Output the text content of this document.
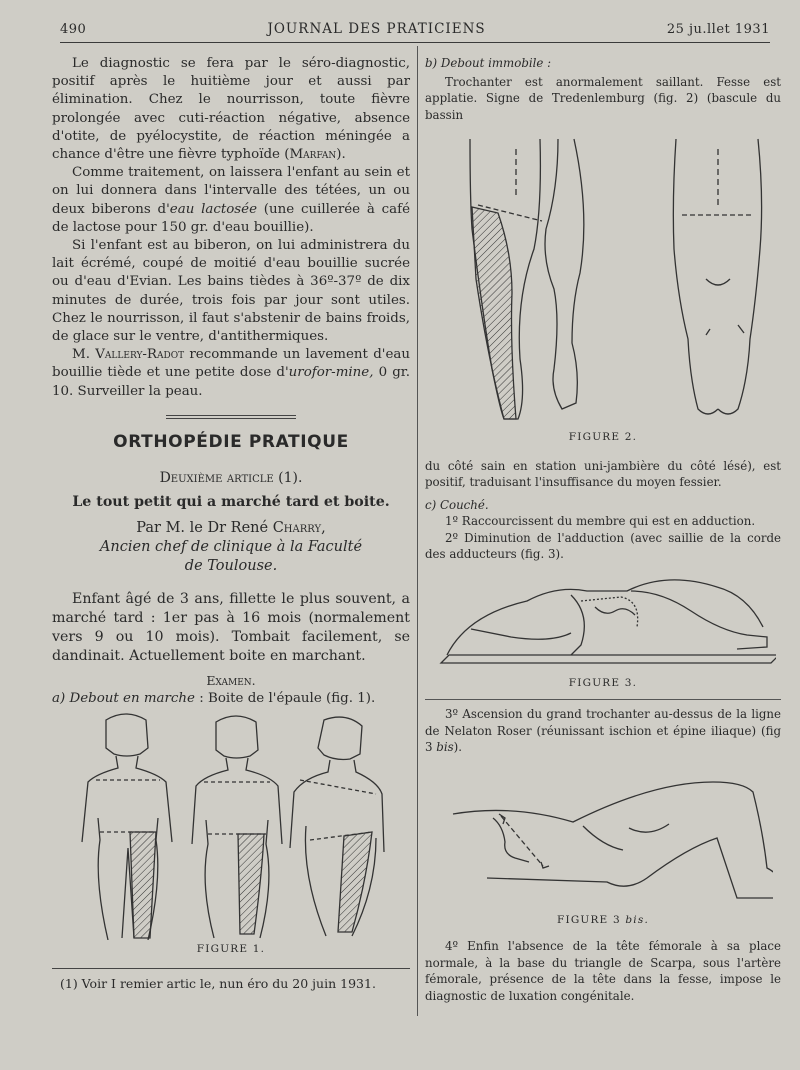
490	JOURNAL DES PRATICIENS	25 ju.llet 1931

Le diagnostic se fera par le séro-diagnostic, positif après le huitième jour et aussi par élimination. Chez le nourrisson, toute fièvre prolongée avec cuti-réaction négative, absence d'otite, de pyélocystite, de réaction méningée a chance d'être une fièvre typhoïde (Marfan).

Comme traitement, on laissera l'enfant au sein et on lui donnera dans l'intervalle des tétées, un ou deux biberons d'eau lactosée (une cuillerée à café de lactose pour 150 gr. d'eau bouillie).

Si l'enfant est au biberon, on lui administrera du lait écrémé, coupé de moitié d'eau bouillie sucrée ou d'eau d'Evian. Les bains tièdes à 36º-37º de dix minutes de durée, trois fois par jour sont utiles. Chez le nourrisson, il faut s'abstenir de bains froids, de glace sur le ventre, d'antithermiques.

M. Vallery-Radot recommande un lavement d'eau bouillie tiède et une petite dose d'urofor-mine, 0 gr. 10. Surveiller la peau.

ORTHOPÉDIE PRATIQUE
Deuxième article (1).
Le tout petit qui a marché tard et boite.
Par M. le Dr René Charry,
Ancien chef de clinique à la Faculté
de Toulouse.

Enfant âgé de 3 ans, fillette le plus souvent, a marché tard : 1er pas à 16 mois (normalement vers 9 ou 10 mois). Tombait facilement, se dandinait. Actuellement boite en marchant.

Examen.

a) Debout en marche : Boite de l'épaule (fig. 1).

FIGURE 1.
(1) Voir I remier artic le, nun éro du 20 juin 1931.

b) Debout immobile :

Trochanter est anormalement saillant. Fesse est applatie. Signe de Tredenlemburg (fig. 2) (bascule du bassin

FIGURE 2.

du côté sain en station uni-jambière du côté lésé), est positif, traduisant l'insuffisance du moyen fessier.

c) Couché.

1º Raccourcissent du membre qui est en adduction.

2º Diminution de l'adduction (avec saillie de la corde des adducteurs (fig. 3).

FIGURE 3.

3º Ascension du grand trochanter au-dessus de la ligne de Nelaton Roser (réunissant ischion et épine iliaque) (fig 3 bis).

FIGURE 3 bis.

4º Enfin l'absence de la tête fémorale à sa place normale, à la base du triangle de Scarpa, sous l'artère fémorale, présence de la tête dans la fesse, impose le diagnostic de luxation congénitale.
